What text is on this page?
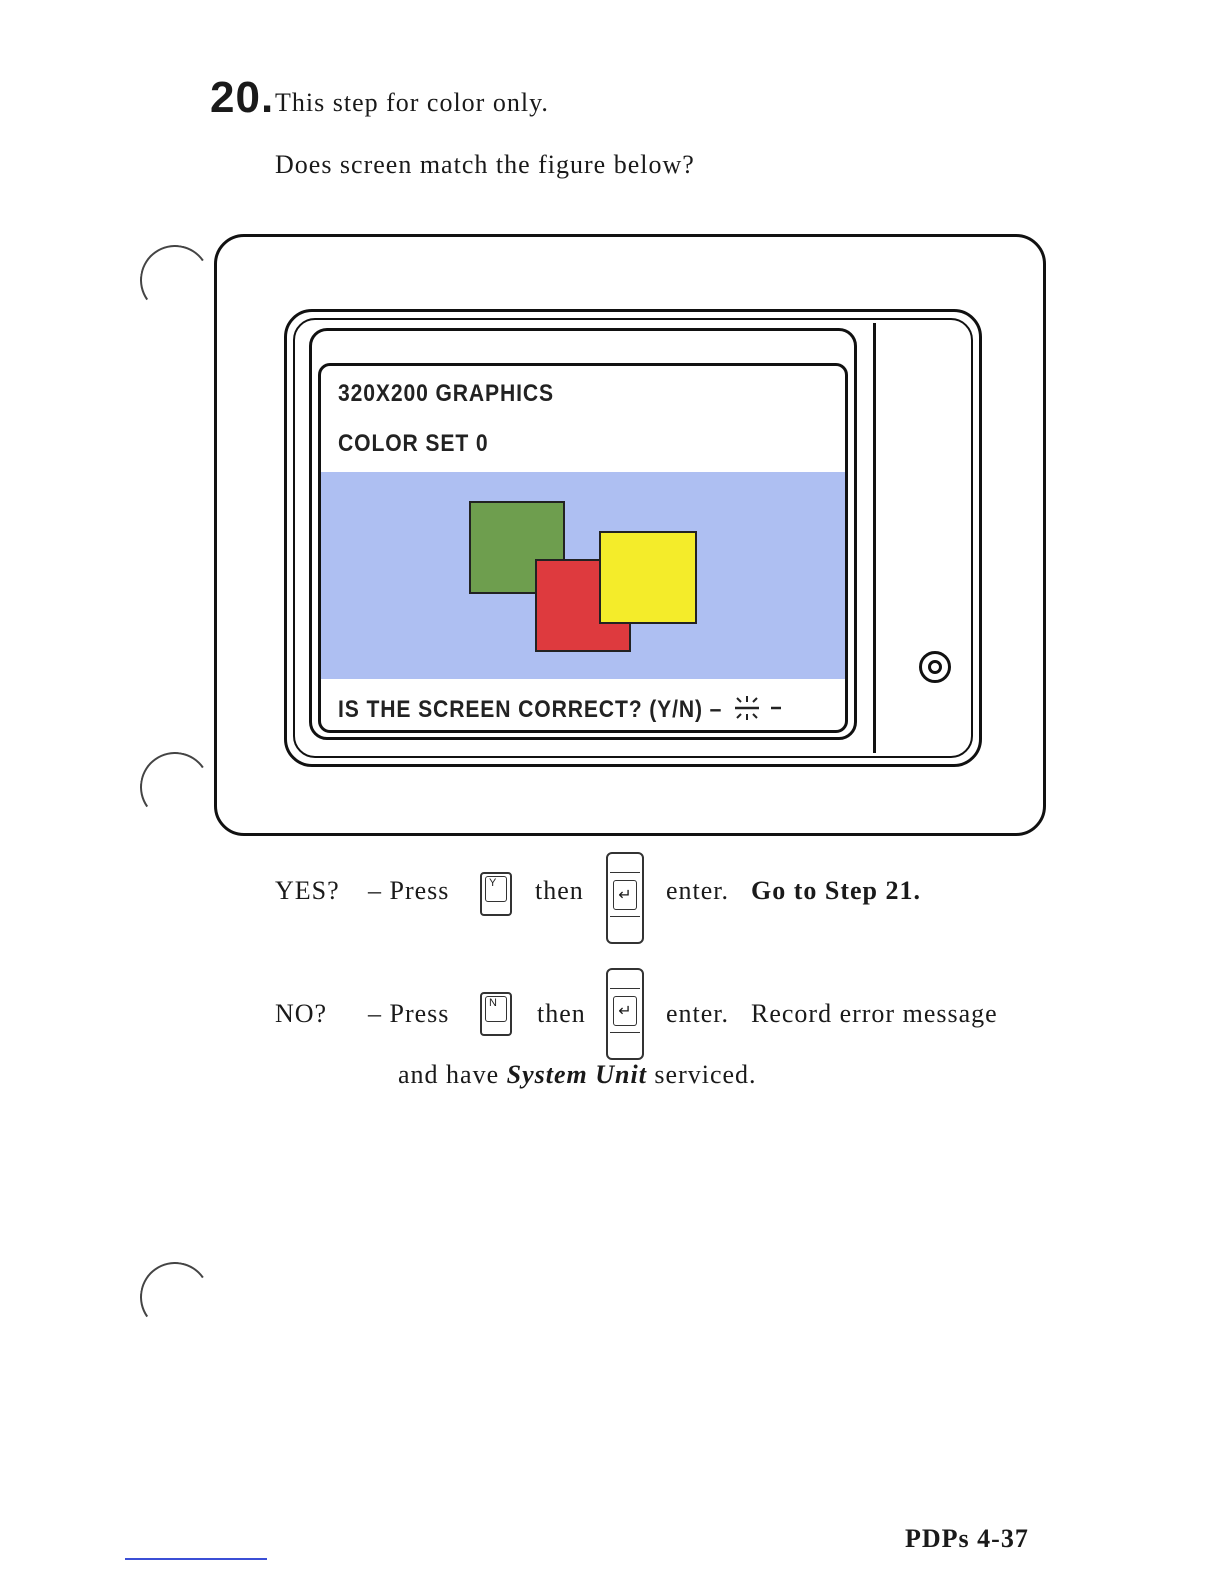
20. This step for color only.
Does screen match the figure below?
320X200 GRAPHICS
COLOR SET 0
IS THE SCREEN CORRECT? (Y/N) –
YES? – Press	Y	then	↵ enter. Go to Step 21.
NO? – Press	N	then	↵ enter. Record error message
and have System Unit serviced.
PDPs 4-37
